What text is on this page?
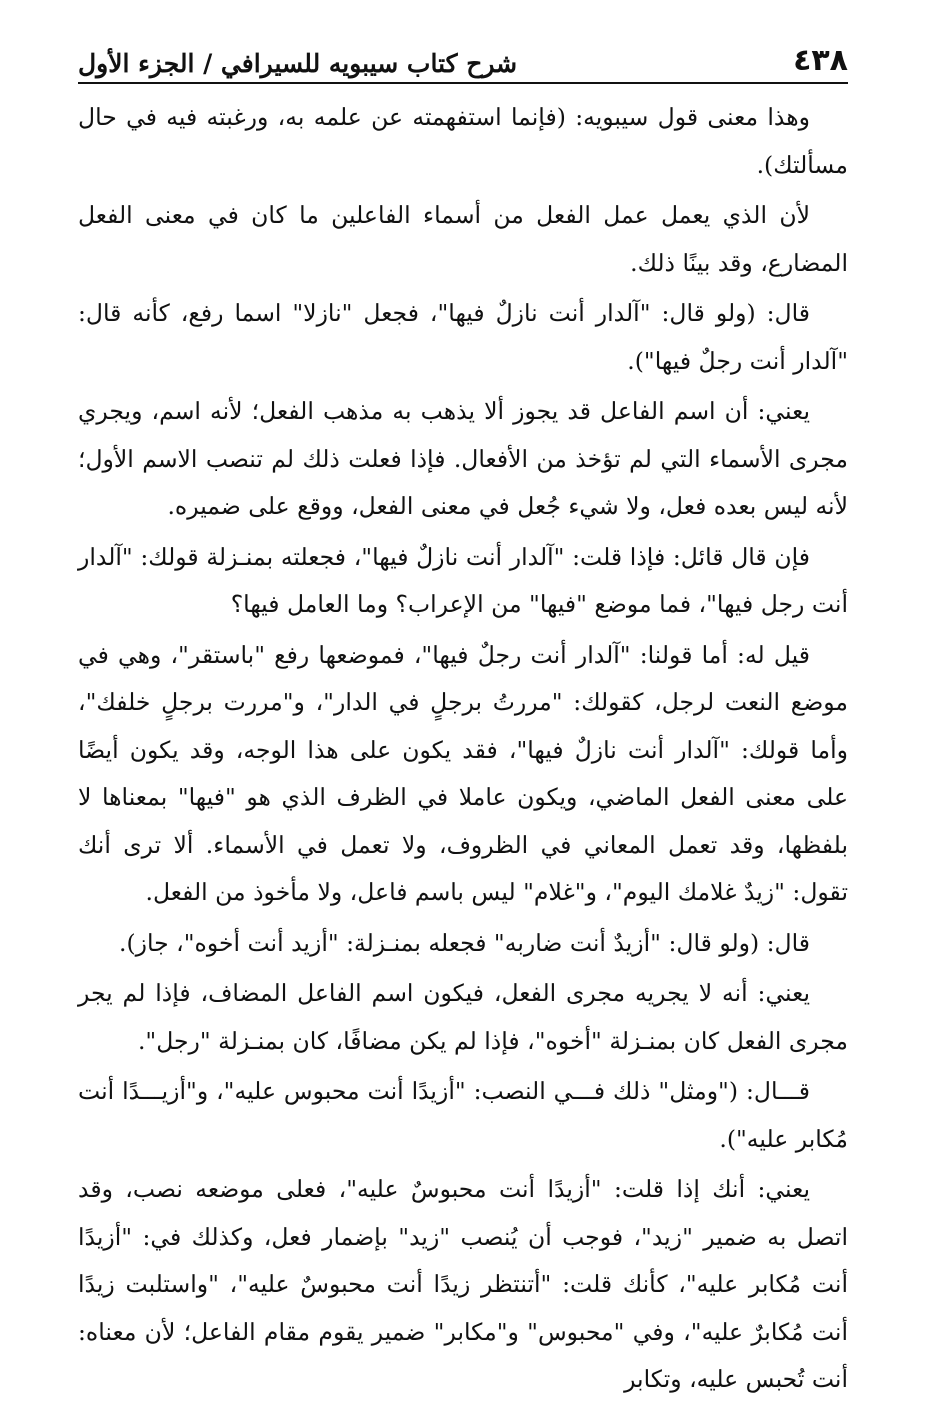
٤٣٨
شرح كتاب سيبويه للسيرافي / الجزء الأول

وهذا معنى قول سيبويه: (فإنما استفهمته عن علمه به، ورغبته فيه في حال مسألتك).

لأن الذي يعمل عمل الفعل من أسماء الفاعلين ما كان في معنى الفعل المضارع، وقد بينًا ذلك.

قال: (ولو قال: "آلدار أنت نازلٌ فيها"، فجعل "نازلا" اسما رفع، كأنه قال: "آلدار أنت رجلٌ فيها").

يعني: أن اسم الفاعل قد يجوز ألا يذهب به مذهب الفعل؛ لأنه اسم، ويجري مجرى الأسماء التي لم تؤخذ من الأفعال. فإذا فعلت ذلك لم تنصب الاسم الأول؛ لأنه ليس بعده فعل، ولا شيء جُعل في معنى الفعل، ووقع على ضميره.

فإن قال قائل: فإذا قلت: "آلدار أنت نازلٌ فيها"، فجعلته بمنـزلة قولك: "آلدار أنت رجل فيها"، فما موضع "فيها" من الإعراب؟ وما العامل فيها؟

قيل له: أما قولنا: "آلدار أنت رجلٌ فيها"، فموضعها رفع "باستقر"، وهي في موضع النعت لرجل، كقولك: "مررتُ برجلٍ في الدار"، و"مررت برجلٍ خلفك"، وأما قولك: "آلدار أنت نازلٌ فيها"، فقد يكون على هذا الوجه، وقد يكون أيضًا على معنى الفعل الماضي، ويكون عاملا في الظرف الذي هو "فيها" بمعناها لا بلفظها، وقد تعمل المعاني في الظروف، ولا تعمل في الأسماء. ألا ترى أنك تقول: "زيدٌ غلامك اليوم"، و"غلام" ليس باسم فاعل، ولا مأخوذ من الفعل.

قال: (ولو قال: "أزيدٌ أنت ضاربه" فجعله بمنـزلة: "أزيد أنت أخوه"، جاز).

يعني: أنه لا يجريه مجرى الفعل، فيكون اسم الفاعل المضاف، فإذا لم يجر مجرى الفعل كان بمنـزلة "أخوه"، فإذا لم يكن مضافًا، كان بمنـزلة "رجل".

قـــال: ("ومثل" ذلك فـــي النصب: "أزيدًا أنت محبوس عليه"، و"أزيـــدًا أنت مُكابر عليه").

يعني: أنك إذا قلت: "أزيدًا أنت محبوسٌ عليه"، فعلى موضعه نصب، وقد اتصل به ضمير "زيد"، فوجب أن يُنصب "زيد" بإضمار فعل، وكذلك في: "أزيدًا أنت مُكابر عليه"، كأنك قلت: "أتنتظر زيدًا أنت محبوسٌ عليه"، "واستلبت زيدًا أنت مُكابرٌ عليه"، وفي "محبوس" و"مكابر" ضمير يقوم مقام الفاعل؛ لأن معناه: أنت تُحبس عليه، وتكابر
